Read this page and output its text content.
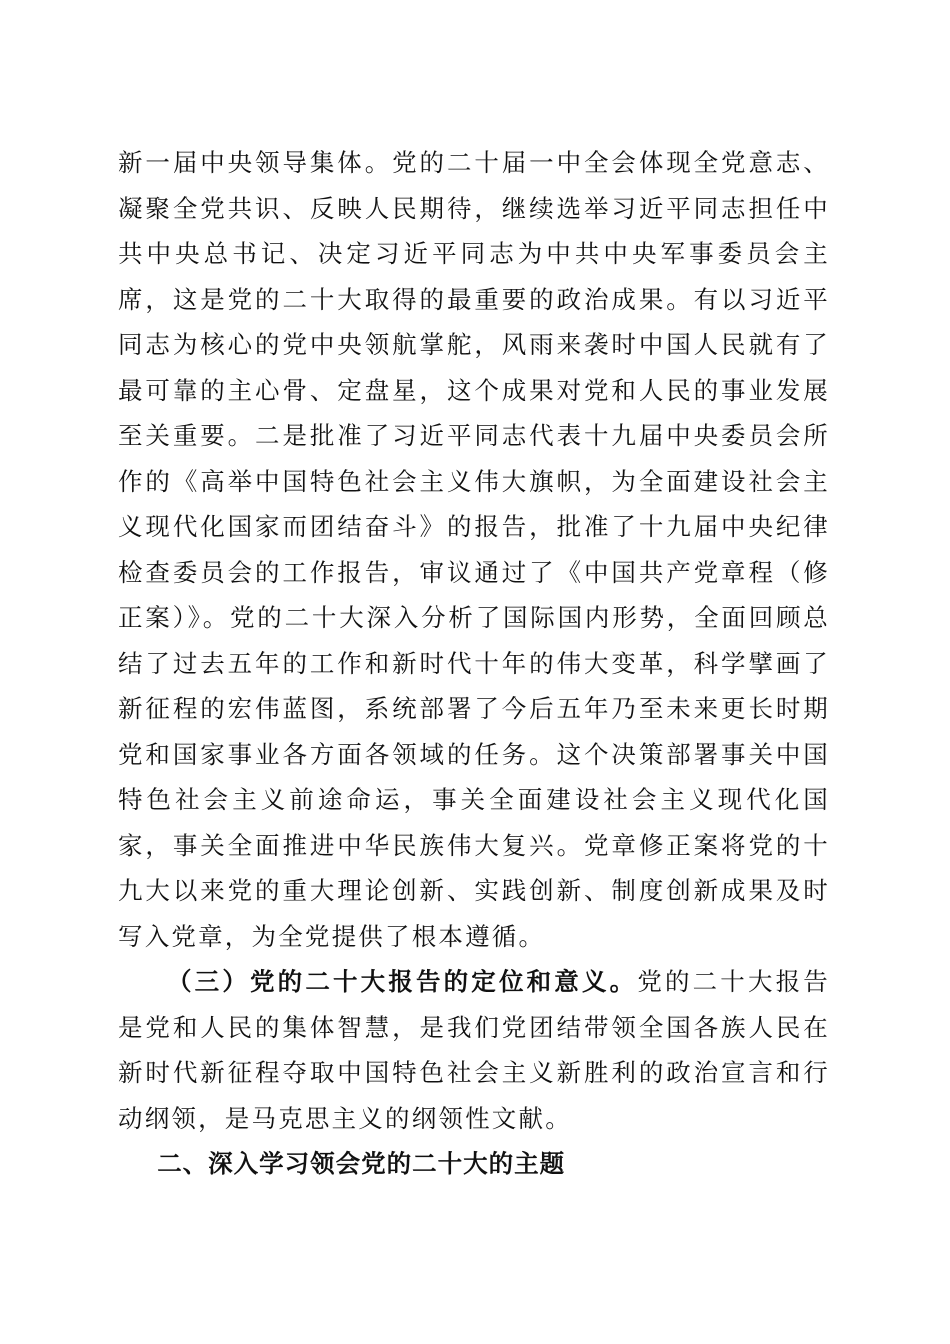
新一届中央领导集体。党的二十届一中全会体现全党意志、凝聚全党共识、反映人民期待，继续选举习近平同志担任中共中央总书记、决定习近平同志为中共中央军事委员会主席，这是党的二十大取得的最重要的政治成果。有以习近平同志为核心的党中央领航掌舵，风雨来袭时中国人民就有了最可靠的主心骨、定盘星，这个成果对党和人民的事业发展至关重要。二是批准了习近平同志代表十九届中央委员会所作的《高举中国特色社会主义伟大旗帜，为全面建设社会主义现代化国家而团结奋斗》的报告，批准了十九届中央纪律检查委员会的工作报告，审议通过了《中国共产党章程（修正案）》。党的二十大深入分析了国际国内形势，全面回顾总结了过去五年的工作和新时代十年的伟大变革，科学擘画了新征程的宏伟蓝图，系统部署了今后五年乃至未来更长时期党和国家事业各方面各领域的任务。这个决策部署事关中国特色社会主义前途命运，事关全面建设社会主义现代化国家，事关全面推进中华民族伟大复兴。党章修正案将党的十九大以来党的重大理论创新、实践创新、制度创新成果及时写入党章，为全党提供了根本遵循。

（三）党的二十大报告的定位和意义。党的二十大报告是党和人民的集体智慧，是我们党团结带领全国各族人民在新时代新征程夺取中国特色社会主义新胜利的政治宣言和行动纲领，是马克思主义的纲领性文献。

二、深入学习领会党的二十大的主题
